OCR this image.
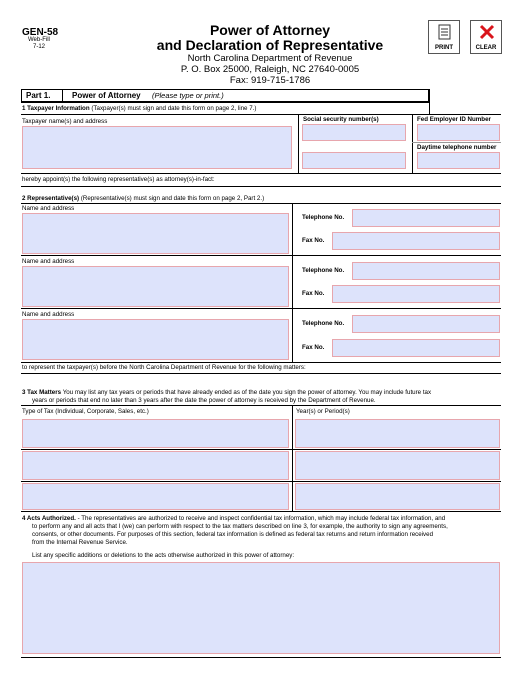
GEN-58
Web-Fill
7-12
Power of Attorney
and Declaration of Representative
North Carolina Department of Revenue
P. O. Box 25000, Raleigh, NC 27640-0005
Fax: 919-715-1786
PRINT	CLEAR
Part 1.	Power of Attorney (Please type or print.)
1 Taxpayer Information (Taxpayer(s) must sign and date this form on page 2, line 7.)
Taxpayer name(s) and address	Social security number(s)	Fed Employer ID Number
Daytime telephone number
hereby appoint(s) the following representative(s) as attorney(s)-in-fact:
2 Representative(s) (Representative(s) must sign and date this form on page 2, Part 2.)
Name and address
Telephone No.
Fax No.
Name and address
Telephone No.
Fax No.
Name and address
Telephone No.
Fax No.
to represent the taxpayer(s) before the North Carolina Department of Revenue for the following matters:
3 Tax Matters You may list any tax years or periods that have already ended as of the date you sign the power of attorney. You may include future tax
years or periods that end no later than 3 years after the date the power of attorney is received by the Department of Revenue.
Type of Tax (Individual, Corporate, Sales, etc.)	Year(s) or Period(s)
4 Acts Authorized. - The representatives are authorized to receive and inspect confidential tax information, which may include federal tax information, and
to perform any and all acts that I (we) can perform with respect to the tax matters described on line 3, for example, the authority to sign any agreements,
consents, or other documents. For purposes of this section, federal tax information is defined as federal tax returns and return information received
from the Internal Revenue Service.
List any specific additions or deletions to the acts otherwise authorized in this power of attorney:
